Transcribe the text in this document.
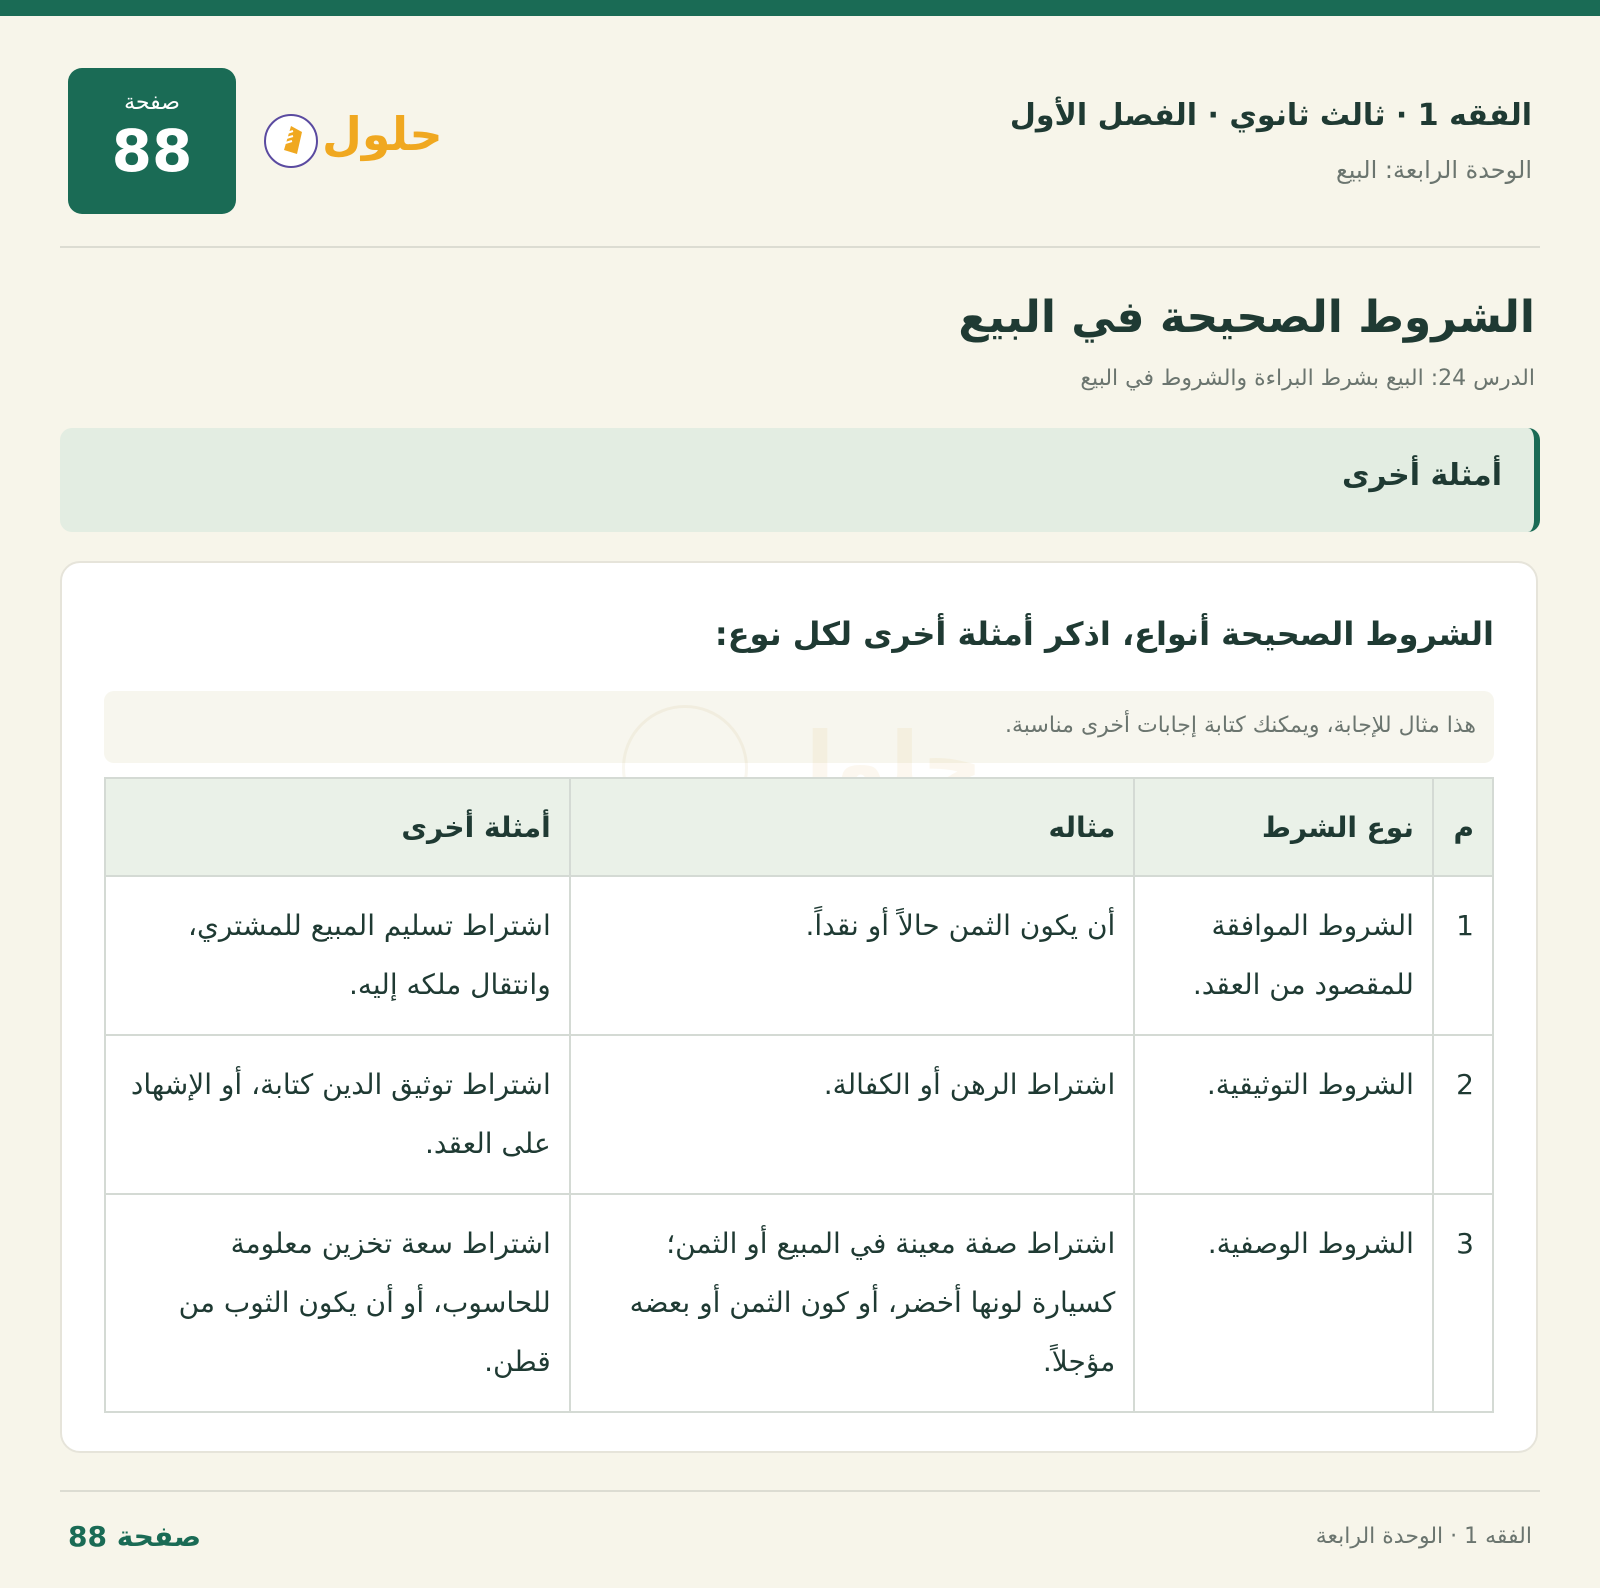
الفقه 1 · ثالث ثانوي · الفصل الأول
الوحدة الرابعة: البيع
صفحة
88	حلول
الشروط الصحيحة في البيع
الدرس 24: البيع بشرط البراءة والشروط في البيع
أمثلة أخرى
الشروط الصحيحة أنواع، اذكر أمثلة أخرى لكل نوع:
هذا مثال للإجابة، ويمكنك كتابة إجابات أخرى مناسبة.
حلول
م	نوع الشرط	مثاله	أمثلة أخرى
1	الشروط الموافقة للمقصود من العقد.	أن يكون الثمن حالاً أو نقداً.	اشتراط تسليم المبيع للمشتري، وانتقال ملكه إليه.
2	الشروط التوثيقية.	اشتراط الرهن أو الكفالة.	اشتراط توثيق الدين كتابة، أو الإشهاد على العقد.
3	الشروط الوصفية.	اشتراط صفة معينة في المبيع أو الثمن؛ كسيارة لونها أخضر، أو كون الثمن أو بعضه مؤجلاً.	اشتراط سعة تخزين معلومة للحاسوب، أو أن يكون الثوب من قطن.
الفقه 1 · الوحدة الرابعة
صفحة 88
